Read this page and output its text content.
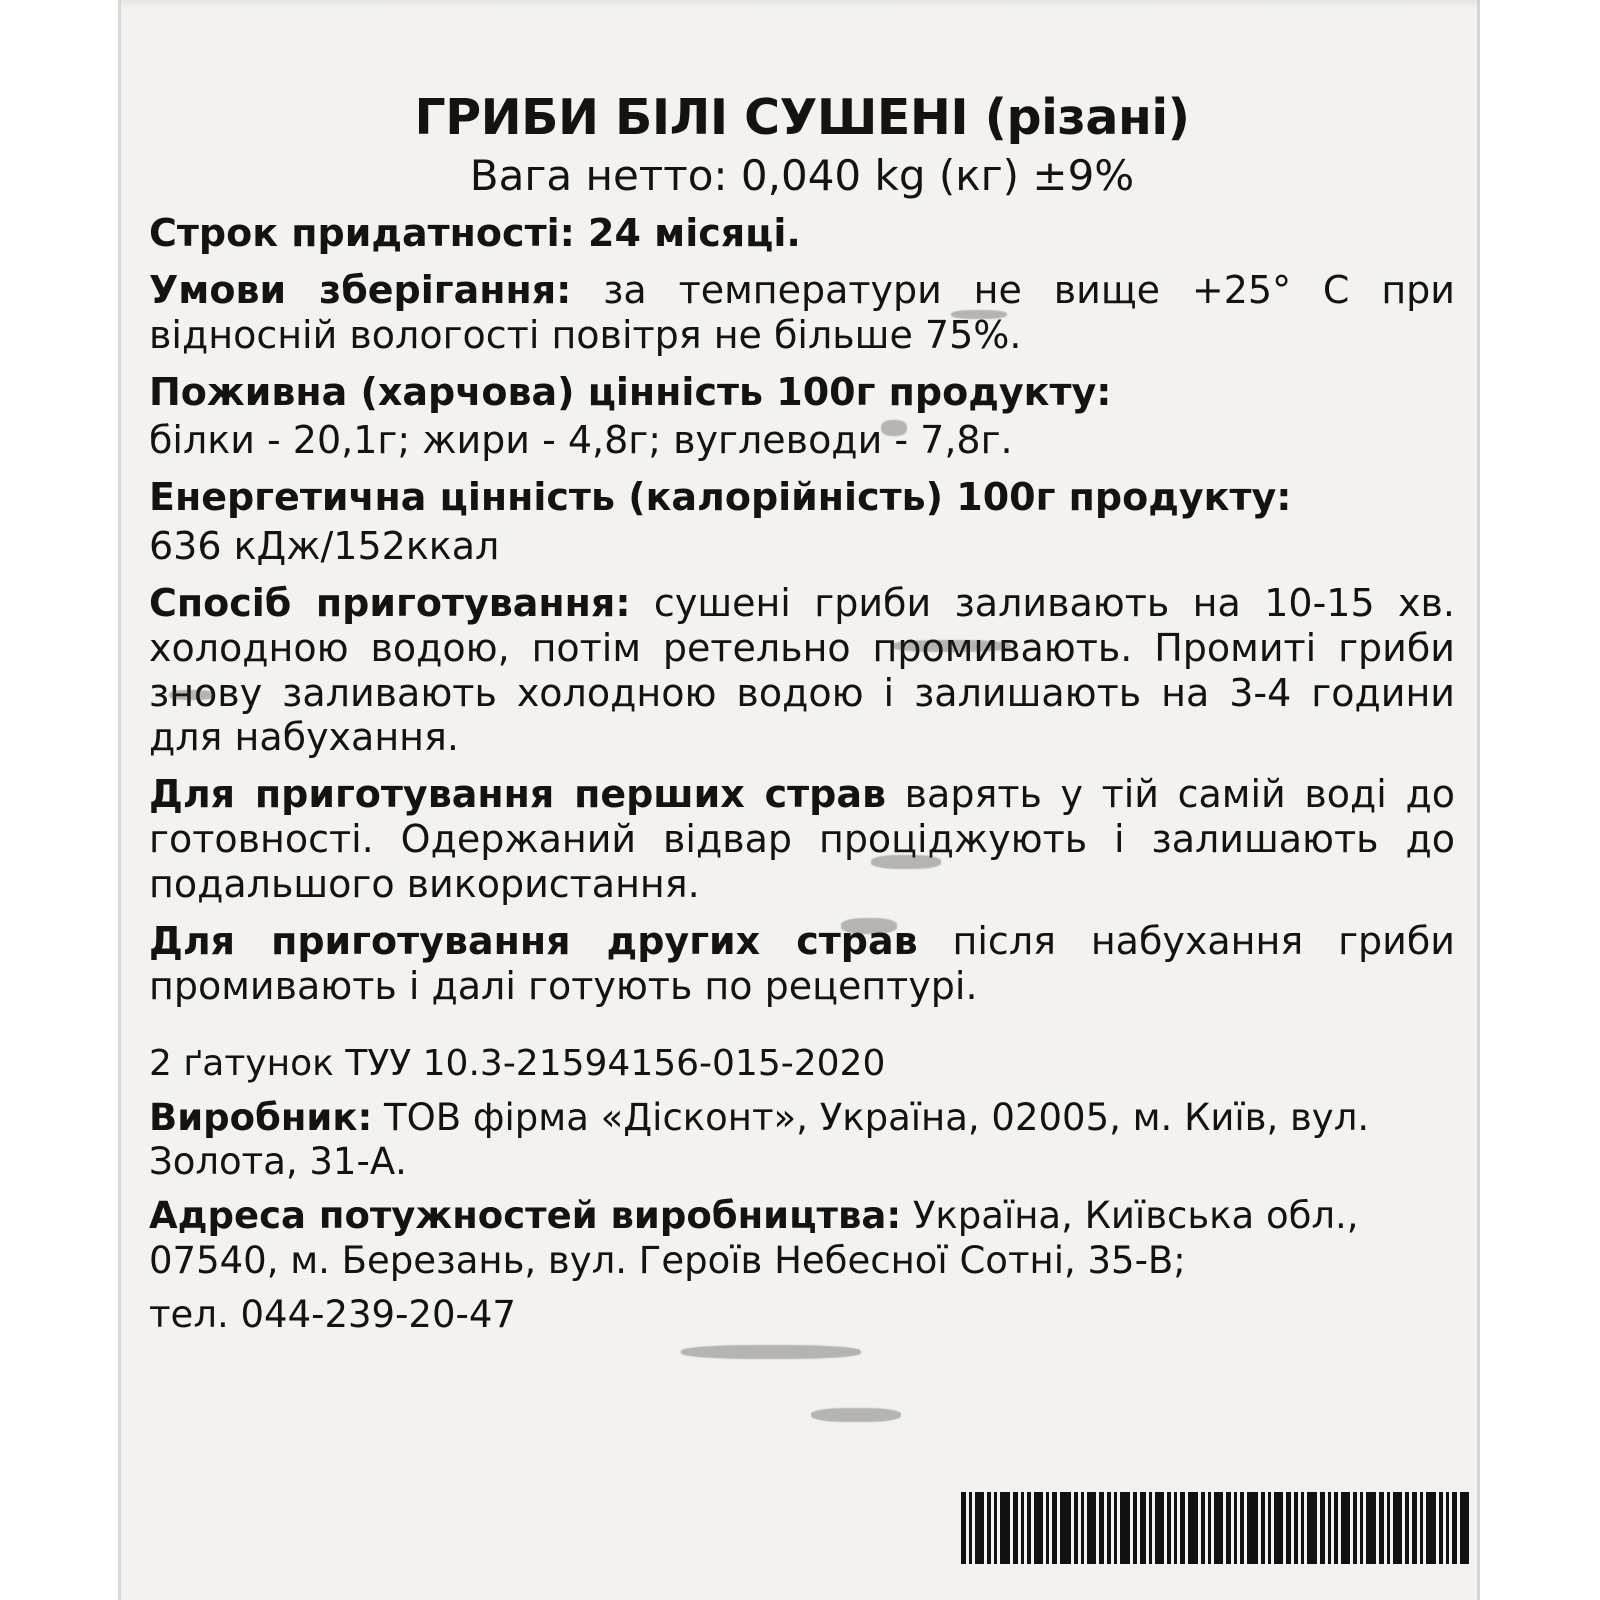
ГРИБИ БІЛІ СУШЕНІ (різані)
Вага нетто: 0,040 kg (кг) ±9%
Строк придатності: 24 місяці.
Умови зберігання: за температури не вище +25° С при відносній вологості повітря не більше 75%.
Поживна (харчова) цінність 100г продукту:
білки - 20,1г; жири - 4,8г; вуглеводи - 7,8г.
Енергетична цінність (калорійність) 100г продукту:
636 кДж/152ккал
Спосіб приготування: сушені гриби заливають на 10-15 хв. холодною водою, потім ретельно промивають. Промиті гриби знову заливають холодною водою і залишають на 3-4 години для набухання.
Для приготування перших страв варять у тій самій воді до готовності. Одержаний відвар проціджують і залишають до подальшого використання.
Для приготування других страв після набухання гриби промивають і далі готують по рецептурі.
2 ґатунок ТУУ 10.3-21594156-015-2020
Виробник: ТОВ фірма «Дісконт», Україна, 02005, м. Київ, вул. Золота, 31-А.
Адреса потужностей виробництва: Україна, Київська обл., 07540, м. Березань, вул. Героїв Небесної Сотні, 35-В;
тел. 044-239-20-47
